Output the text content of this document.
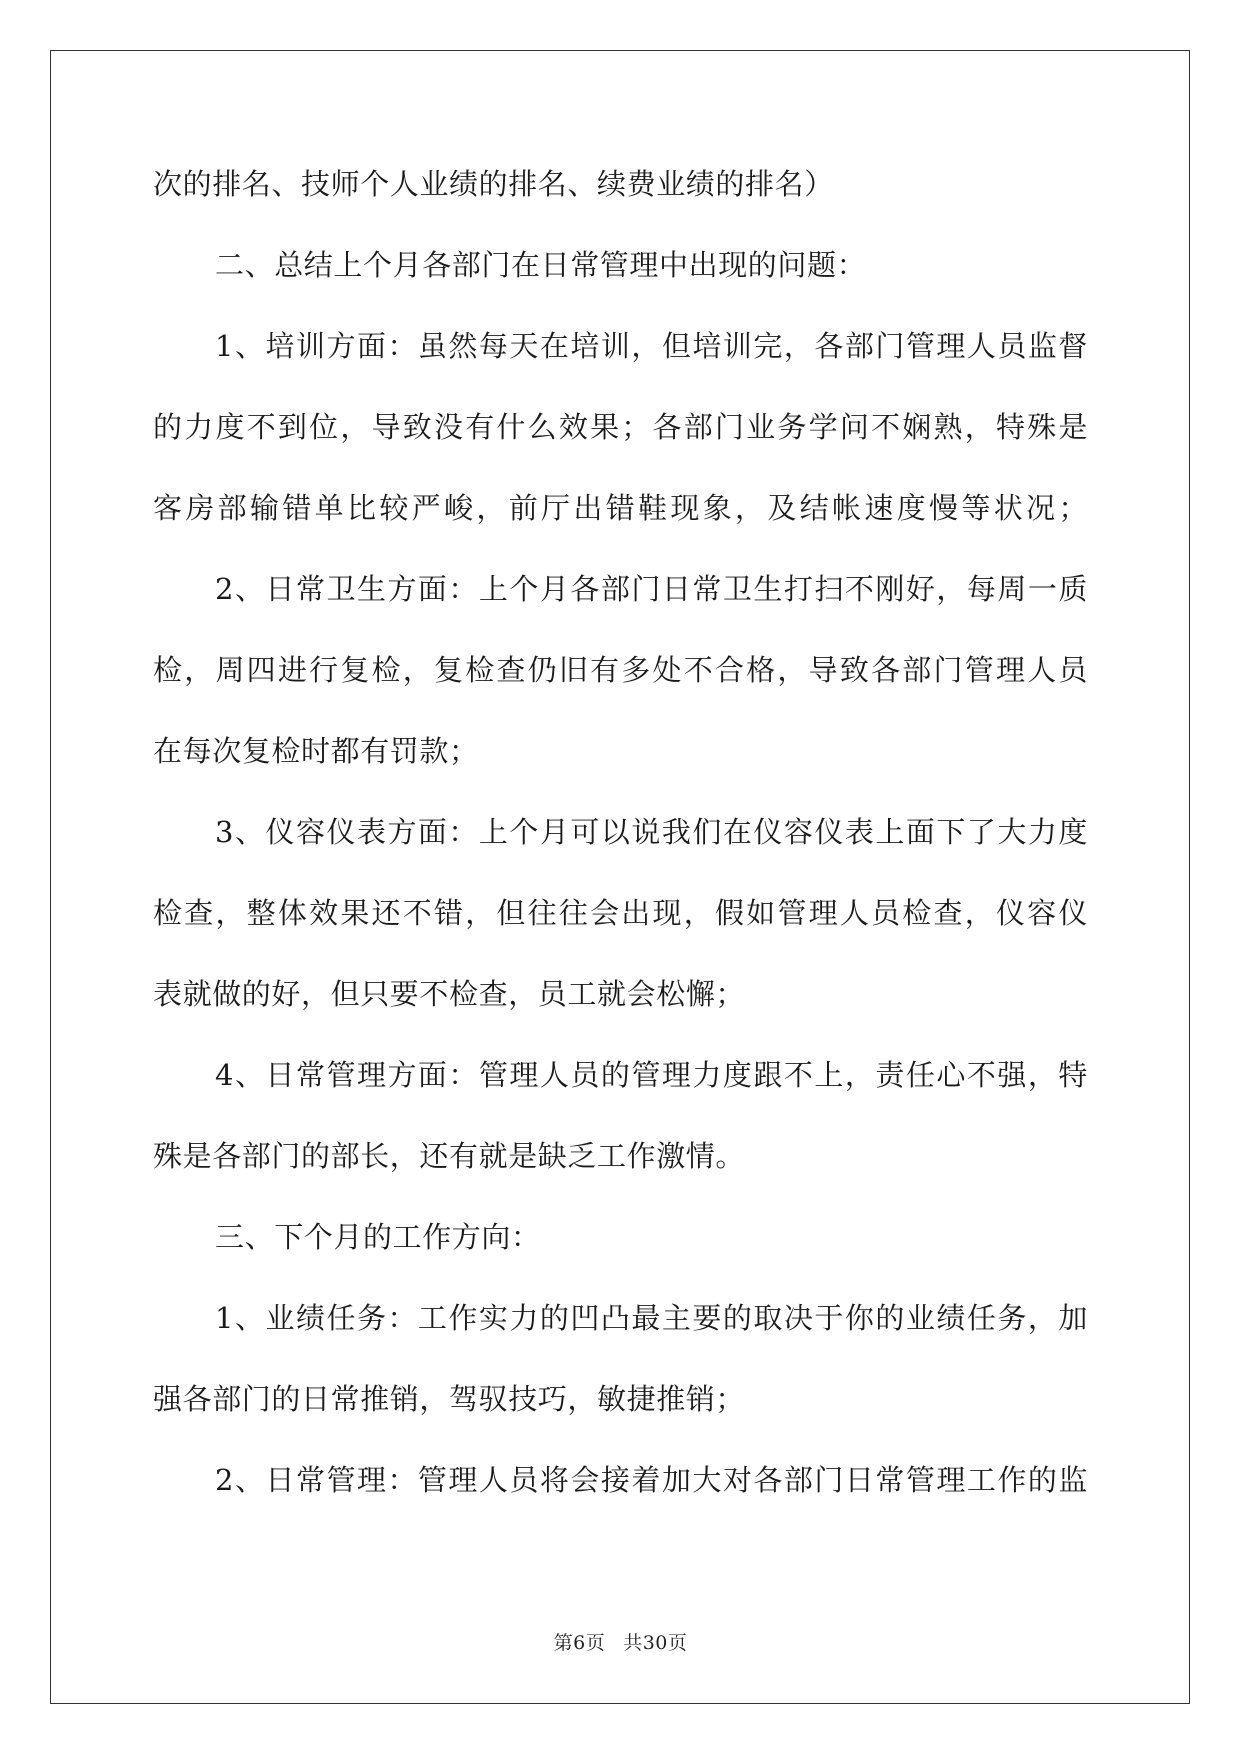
次的排名、技师个人业绩的排名、续费业绩的排名）
二、总结上个月各部门在日常管理中出现的问题：
1、培训方面：虽然每天在培训，但培训完，各部门管理人员监督
的力度不到位，导致没有什么效果；各部门业务学问不娴熟，特殊是
客房部输错单比较严峻，前厅出错鞋现象，及结帐速度慢等状况；
2、日常卫生方面：上个月各部门日常卫生打扫不刚好，每周一质
检，周四进行复检，复检查仍旧有多处不合格，导致各部门管理人员
在每次复检时都有罚款；
3、仪容仪表方面：上个月可以说我们在仪容仪表上面下了大力度
检查，整体效果还不错，但往往会出现，假如管理人员检查，仪容仪
表就做的好，但只要不检查，员工就会松懈；
4、日常管理方面：管理人员的管理力度跟不上，责任心不强，特
殊是各部门的部长，还有就是缺乏工作激情。
三、下个月的工作方向：
1、业绩任务：工作实力的凹凸最主要的取决于你的业绩任务，加
强各部门的日常推销，驾驭技巧，敏捷推销；
2、日常管理：管理人员将会接着加大对各部门日常管理工作的监
第6页 共30页
